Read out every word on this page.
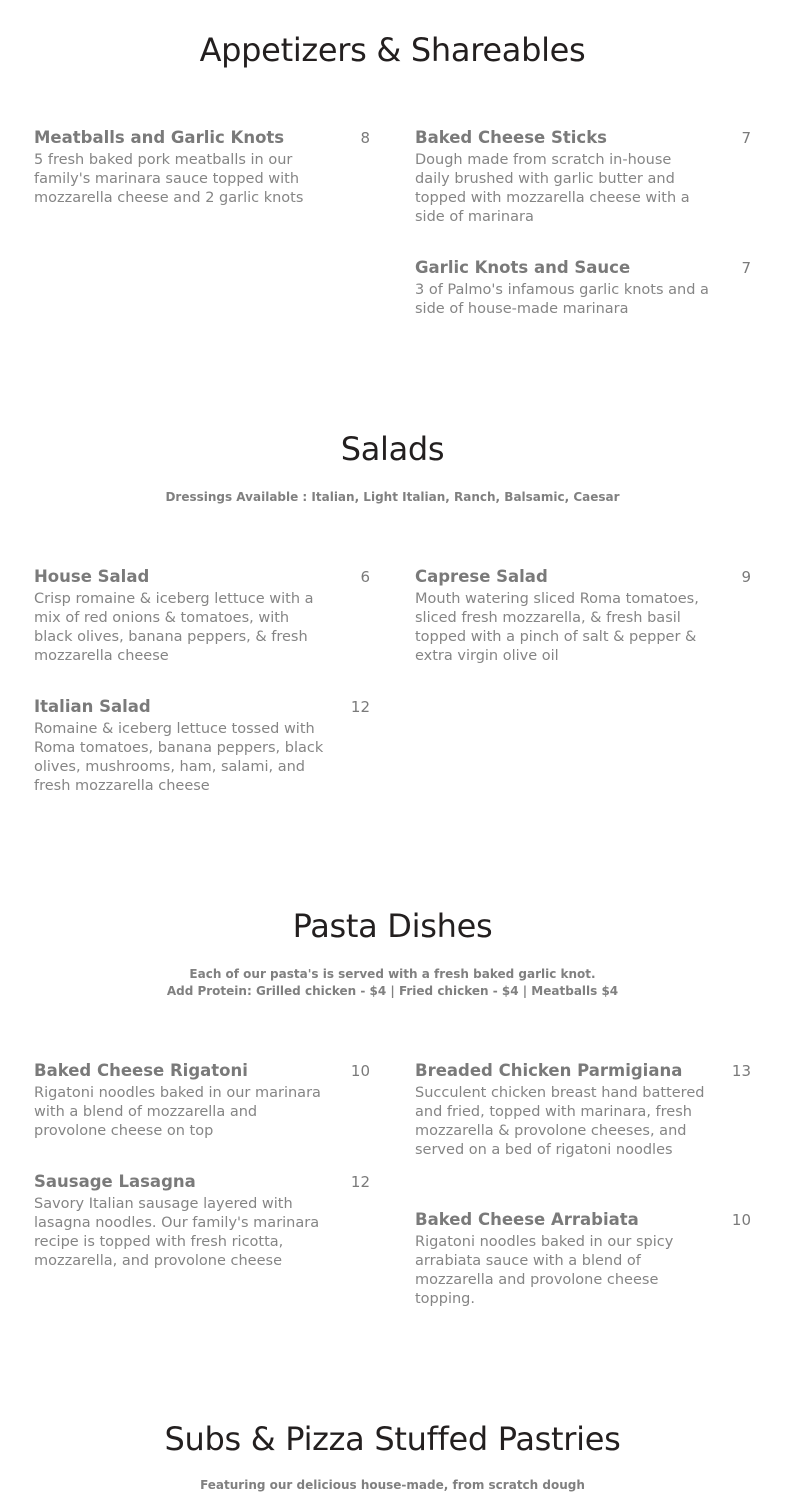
Appetizers & Shareables
Meatballs and Garlic Knots	8
5 fresh baked pork meatballs in our family's marinara sauce topped with mozzarella cheese and 2 garlic knots
Baked Cheese Sticks	7
Dough made from scratch in-house daily brushed with garlic butter and topped with mozzarella cheese with a side of marinara
Garlic Knots and Sauce	7
3 of Palmo's infamous garlic knots and a side of house-made marinara
Salads

Dressings Available : Italian, Light Italian, Ranch, Balsamic, Caesar

House Salad	6
Crisp romaine & iceberg lettuce with a mix of red onions & tomatoes, with black olives, banana peppers, & fresh mozzarella cheese
Caprese Salad	9
Mouth watering sliced Roma tomatoes, sliced fresh mozzarella, & fresh basil topped with a pinch of salt & pepper & extra virgin olive oil
Italian Salad	12
Romaine & iceberg lettuce tossed with Roma tomatoes, banana peppers, black olives, mushrooms, ham, salami, and fresh mozzarella cheese
Pasta Dishes

Each of our pasta's is served with a fresh baked garlic knot.

Add Protein: Grilled chicken - $4 | Fried chicken - $4 | Meatballs $4

Baked Cheese Rigatoni	10
Rigatoni noodles baked in our marinara with a blend of mozzarella and provolone cheese on top
Breaded Chicken Parmigiana	13
Succulent chicken breast hand battered and fried, topped with marinara, fresh mozzarella & provolone cheeses, and served on a bed of rigatoni noodles
Sausage Lasagna	12
Savory Italian sausage layered with lasagna noodles. Our family's marinara recipe is topped with fresh ricotta, mozzarella, and provolone cheese
Baked Cheese Arrabiata	10
Rigatoni noodles baked in our spicy arrabiata sauce with a blend of mozzarella and provolone cheese topping.
Subs & Pizza Stuffed Pastries

Featuring our delicious house-made, from scratch dough
